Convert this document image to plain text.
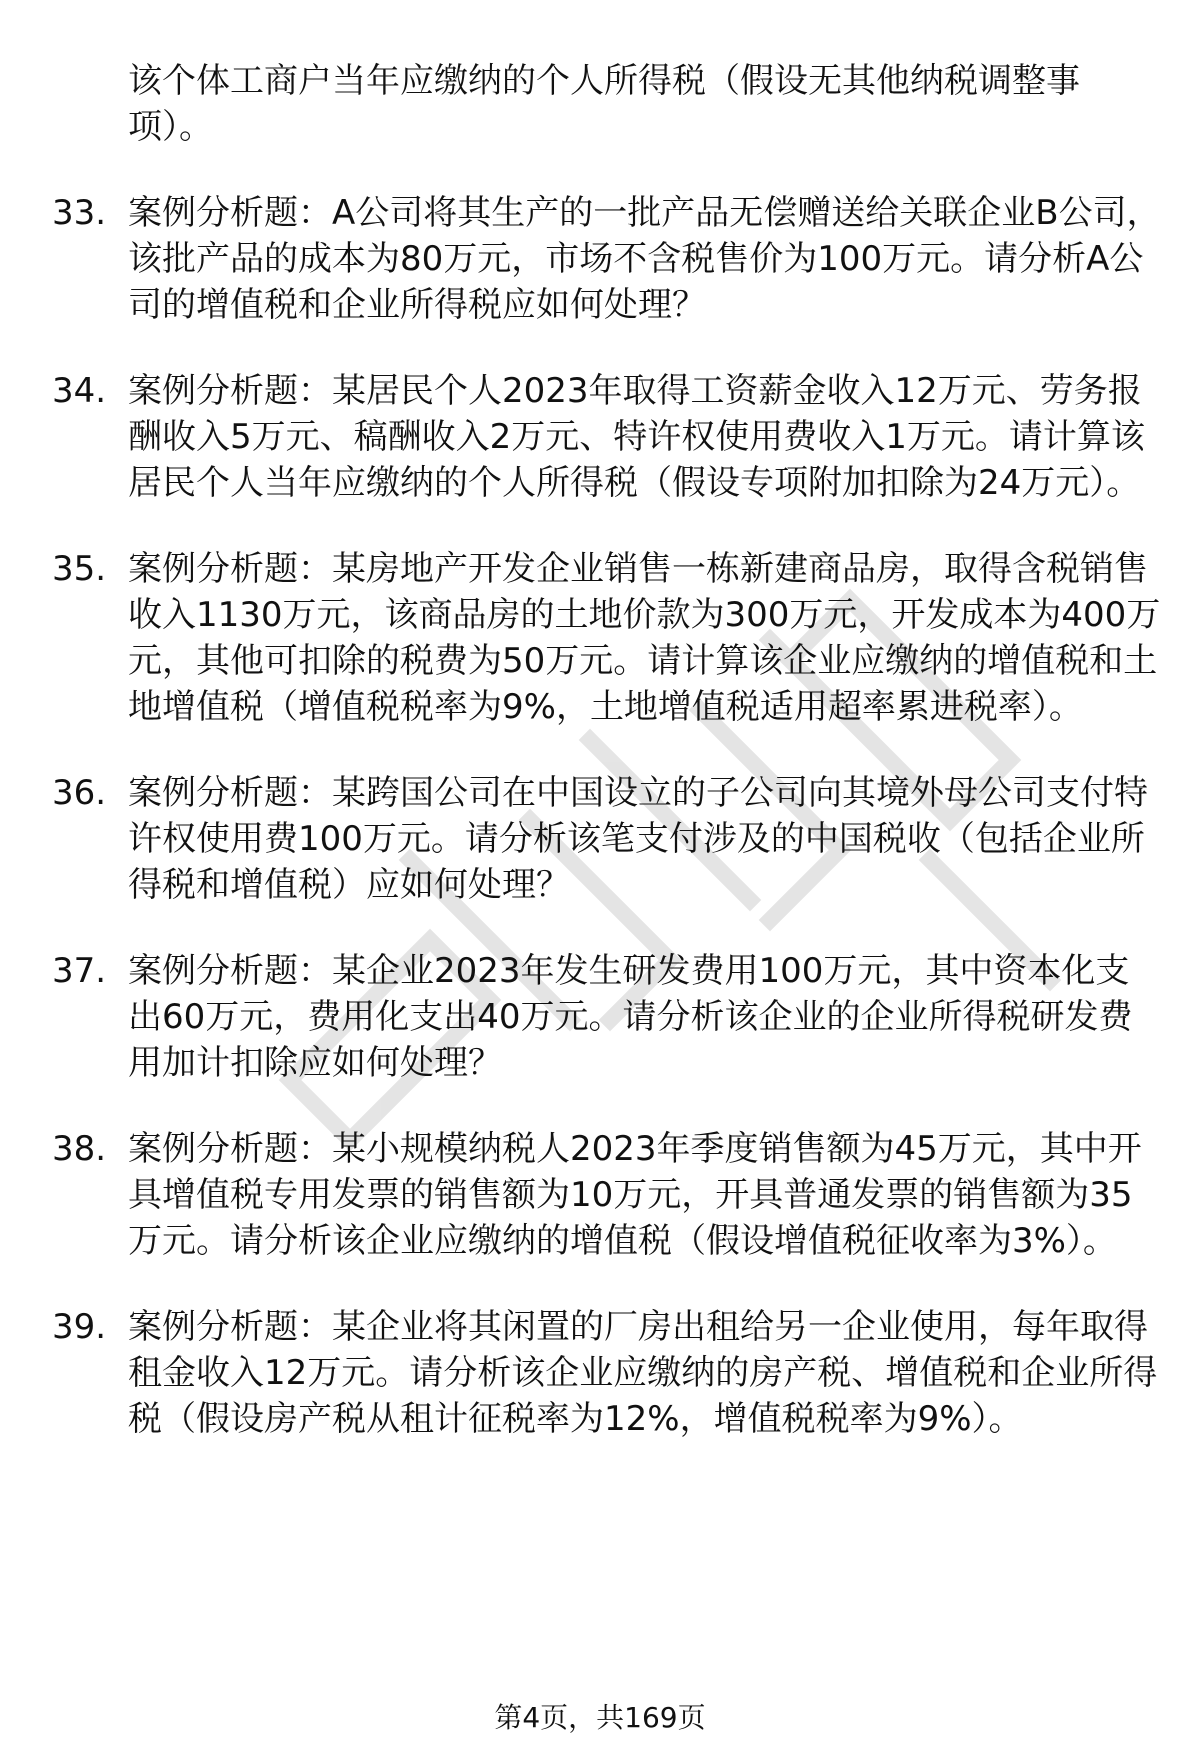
该个体工商户当年应缴纳的个人所得税（假设无其他纳税调整事项）。
33. 案例分析题：A公司将其生产的一批产品无偿赠送给关联企业B公司，该批产品的成本为80万元，市场不含税售价为100万元。请分析A公司的增值税和企业所得税应如何处理？
34. 案例分析题：某居民个人2023年取得工资薪金收入12万元、劳务报酬收入5万元、稿酬收入2万元、特许权使用费收入1万元。请计算该居民个人当年应缴纳的个人所得税（假设专项附加扣除为24万元）。
35. 案例分析题：某房地产开发企业销售一栋新建商品房，取得含税销售收入1130万元，该商品房的土地价款为300万元，开发成本为400万元，其他可扣除的税费为50万元。请计算该企业应缴纳的增值税和土地增值税（增值税税率为9%，土地增值税适用超率累进税率）。
36. 案例分析题：某跨国公司在中国设立的子公司向其境外母公司支付特许权使用费100万元。请分析该笔支付涉及的中国税收（包括企业所得税和增值税）应如何处理？
37. 案例分析题：某企业2023年发生研发费用100万元，其中资本化支出60万元，费用化支出40万元。请分析该企业的企业所得税研发费用加计扣除应如何处理？
38. 案例分析题：某小规模纳税人2023年季度销售额为45万元，其中开具增值税专用发票的销售额为10万元，开具普通发票的销售额为35万元。请分析该企业应缴纳的增值税（假设增值税征收率为3%）。
39. 案例分析题：某企业将其闲置的厂房出租给另一企业使用，每年取得租金收入12万元。请分析该企业应缴纳的房产税、增值税和企业所得税（假设房产税从租计征税率为12%，增值税税率为9%）。
第4页，共169页
